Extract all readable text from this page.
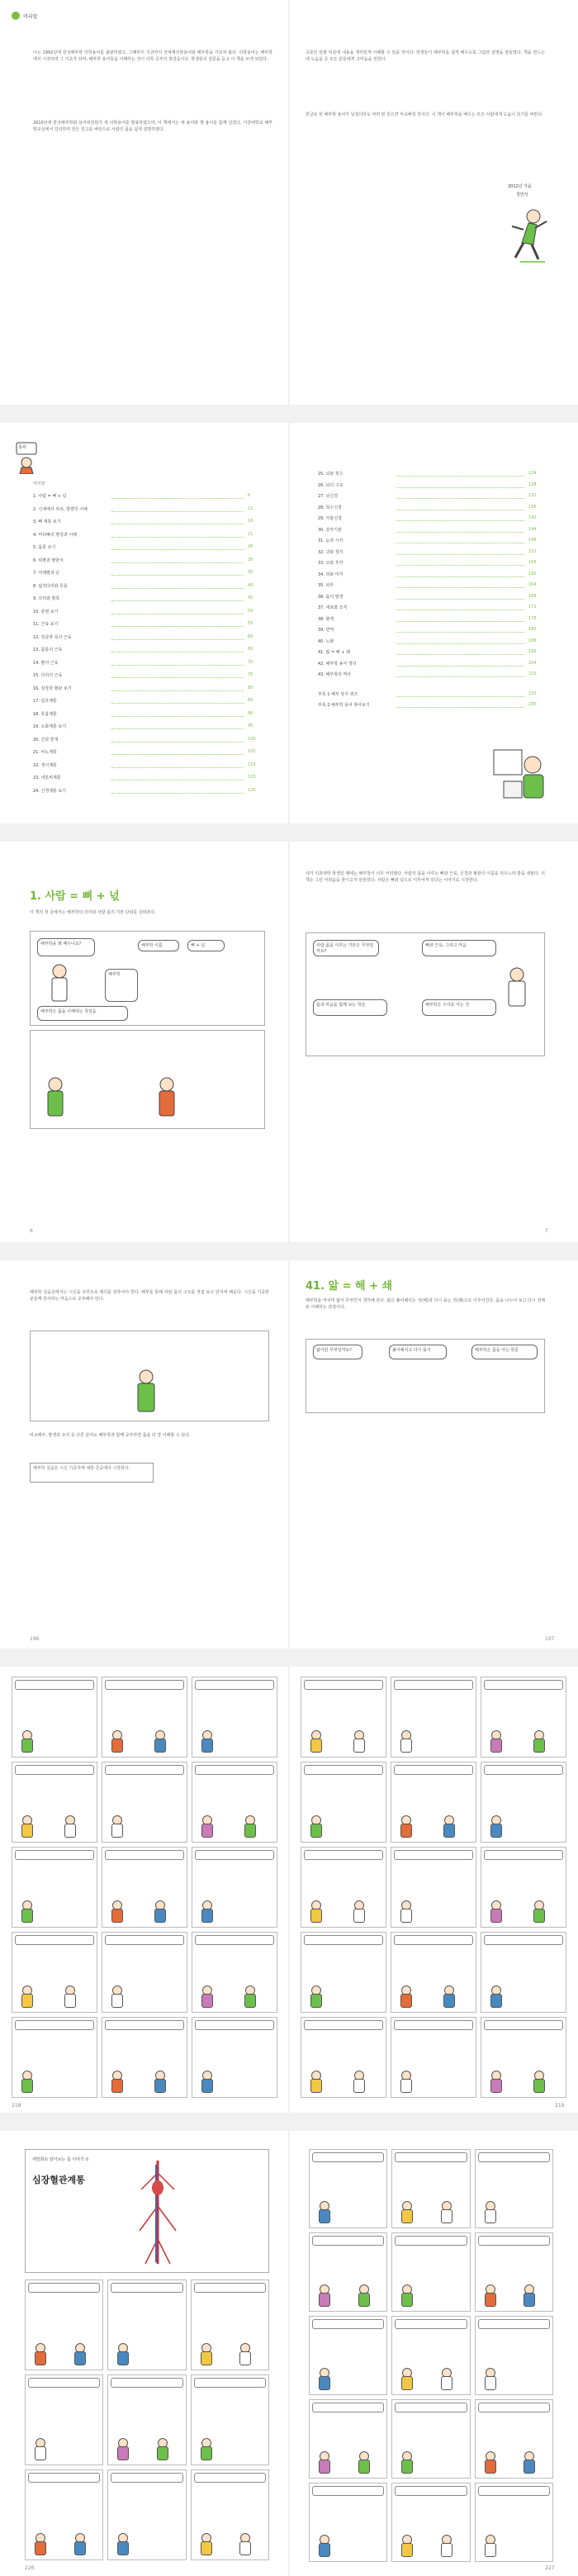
머리말
나는 1992년에 한국해부학 의학용어를 출판하였고, 그때부터 지금까지 전세계의학용어와 해부학을 가르쳐 왔다. 의학용어는 해부학에서 시작하며 그 기초가 되며, 해부학 용어들을 이해하는 것이 의학 공부의 첫걸음이다. 학생들의 질문을 듣고 이 책을 쓰게 되었다.
2010년에 한국해부학회 용어위원회가 새 의학용어를 발표하였으며, 이 책에서는 새 용어와 옛 용어를 함께 실었다. 서강대학교 해부학교실에서 강의하며 만든 원고를 바탕으로 사람의 몸을 쉽게 설명하였다.
공들인 만화 덕분에 내용을 재미있게 이해할 수 있을 것이다. 학생들이 해부학을 쉽게 배우도록 그림과 설명을 곁들였다. 책을 만드는 데 도움을 준 모든 분들에게 고마움을 전한다.
한글로 된 해부학 용어가 낯설더라도 여러 번 읽으면 익숙해질 것이다. 이 책이 해부학을 배우는 모든 사람에게 도움이 되기를 바란다.
2012년 가을
정만석
목차
머리말
1. 사람 = 뼈 + 넋	6
2. 신체에서 위치, 방향의 이해	11
3. 뼈 계통 보기	16
4. 머리뼈의 명칭과 이해	21
5. 몸통 보기	26
6. 위팔과 팔꿈치	30
7. 아래팔과 손	35
8. 넓적다리와 무릎	40
9. 다리와 발목	45
10. 관절 보기	50
11. 근육 보기	55
12. 얼굴과 목의 근육	60
13. 몸통의 근육	65
14. 팔의 근육	70
15. 다리의 근육	75
16. 심장과 혈관 보기	80
17. 림프계통	85
18. 호흡계통	90
19. 소화계통 보기	95
20. 간과 쓸개	100
21. 비뇨계통	105
22. 생식계통	110
23. 내분비계통	115
24. 신경계통 보기	120
25. 뇌와 척수	124
26. 뇌의 구조	128
27. 뇌신경	132
28. 척수신경	136
29. 자율신경	140
30. 감각기관	144
31. 눈과 시각	148
32. 귀와 청각	152
33. 코와 후각	156
34. 혀와 미각	160
35. 피부	164
36. 몸의 발생	168
37. 세포와 조직	172
38. 혈액	176
39. 면역	180
40. 노화	186
41. 앎 = 해 + 쇄	199
42. 해부학 용어 정리	204
43. 해부학의 역사	210
부록 1 해부 상식 퀴즈	220
부록 2 해부학 용어 찾아보기	230
1. 사람 = 뼈 + 넋
이 책의 첫 글에서는 해부학의 의미와 사람 몸의 기본 단위를 살펴본다.
해부학을 왜 배우나요?	해부학 이름	뼈 + 넋
해부학
해부학은 몸을 이해하는 첫걸음
내가 의과대학 학생일 때에는 해부학이 너무 어려웠다. 사람의 몸을 이루는 뼈와 근육, 신경과 혈관의 이름을 외우느라 밤을 새웠다. 이 책은 그런 어려움을 줄이고자 만들었다. 사람은 뼈와 넋으로 이루어져 있다는 이야기로 시작한다.
사람 몸을 이루는 기본은 무엇일까요?
뼈와 근육, 그리고 마음
몸과 마음을 함께 보는 학문	해부학은 우리를 아는 것
6	7
해부학 실습실에서는 시신을 다루므로 예의를 갖추어야 한다. 해부를 통해 사람 몸의 구조를 직접 보고 만지며 배운다. 시신을 기증한 분들께 감사하는 마음으로 공부해야 한다.
비교해부, 발생과 조직 등 다른 분야도 해부학과 함께 공부하면 몸을 더 잘 이해할 수 있다.
해부학 실습은 시신 기증자에 대한 존중에서 시작한다.
41. 앎 = 해 + 쇄
해부학을 마치며 앎이 무엇인지 생각해 본다. 앎은 풀어헤치는 것(해)과 다시 묶는 것(쇄)으로 이루어진다. 몸을 나누어 보고 다시 전체로 이해하는 과정이다.
앎이란 무엇일까요?	풀어헤치고 다시 묶기	해부학은 몸을 아는 학문
196	197
218	219
세밀화로 알아보는 몸 이야기 ①
심장혈관계통
226	227
